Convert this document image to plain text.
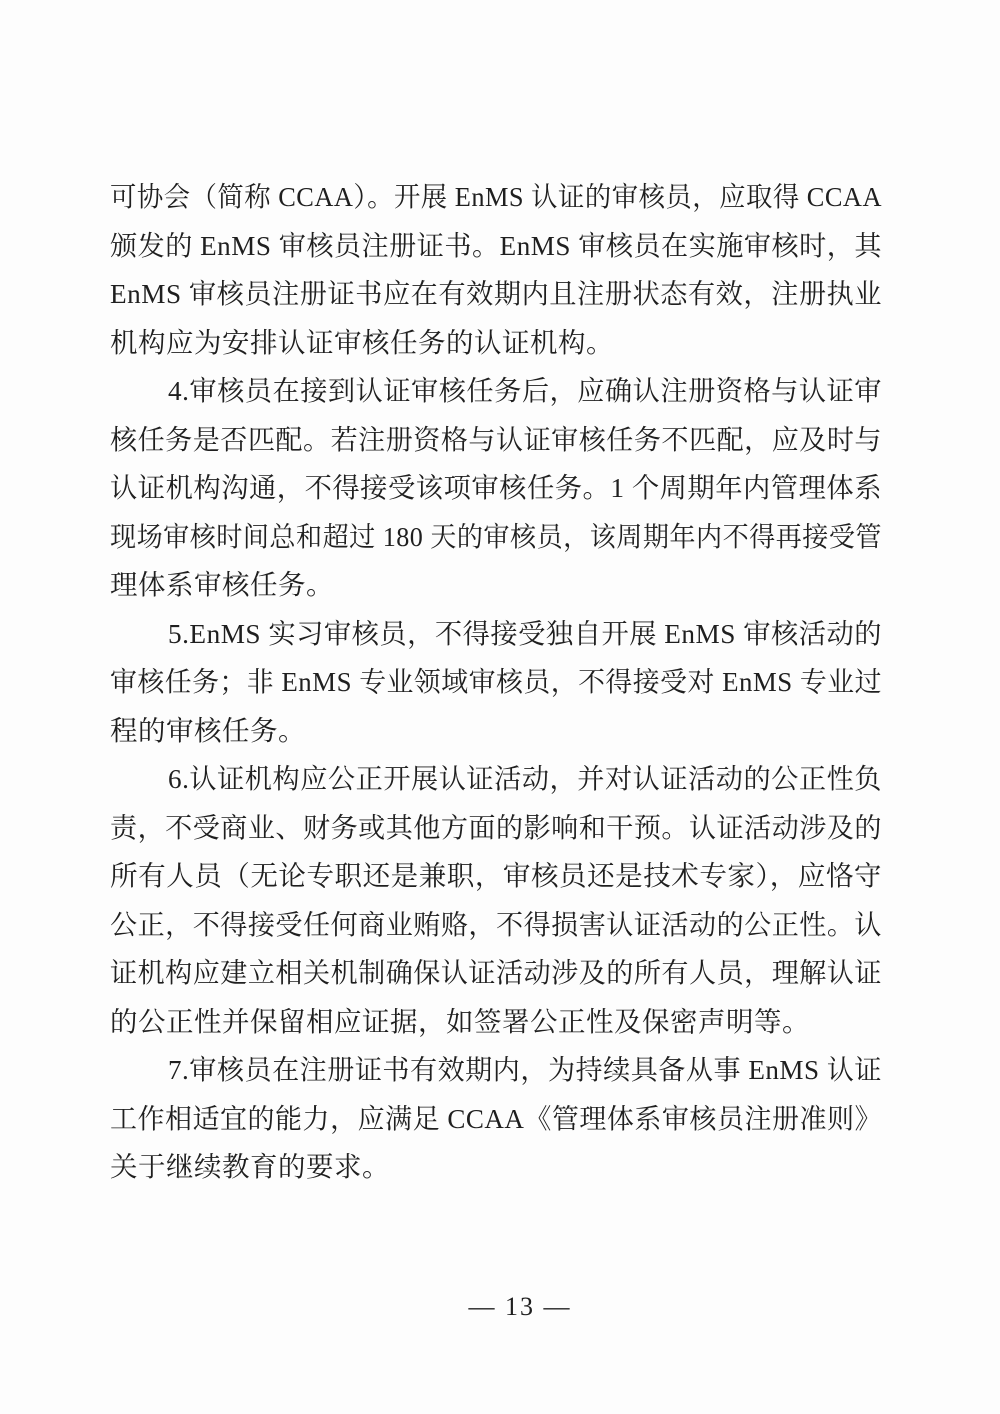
可协会（简称 CCAA）。开展 EnMS 认证的审核员，应取得 CCAA
颁发的 EnMS 审核员注册证书。EnMS 审核员在实施审核时，其
EnMS 审核员注册证书应在有效期内且注册状态有效，注册执业
机构应为安排认证审核任务的认证机构。
4.审核员在接到认证审核任务后，应确认注册资格与认证审
核任务是否匹配。若注册资格与认证审核任务不匹配，应及时与
认证机构沟通，不得接受该项审核任务。1 个周期年内管理体系
现场审核时间总和超过 180 天的审核员，该周期年内不得再接受管
理体系审核任务。
5.EnMS 实习审核员，不得接受独自开展 EnMS 审核活动的
审核任务；非 EnMS 专业领域审核员，不得接受对 EnMS 专业过
程的审核任务。
6.认证机构应公正开展认证活动，并对认证活动的公正性负
责，不受商业、财务或其他方面的影响和干预。认证活动涉及的
所有人员（无论专职还是兼职，审核员还是技术专家），应恪守
公正，不得接受任何商业贿赂，不得损害认证活动的公正性。认
证机构应建立相关机制确保认证活动涉及的所有人员，理解认证
的公正性并保留相应证据，如签署公正性及保密声明等。
7.审核员在注册证书有效期内，为持续具备从事 EnMS 认证
工作相适宜的能力，应满足 CCAA《管理体系审核员注册准则》
关于继续教育的要求。
— 13 —
